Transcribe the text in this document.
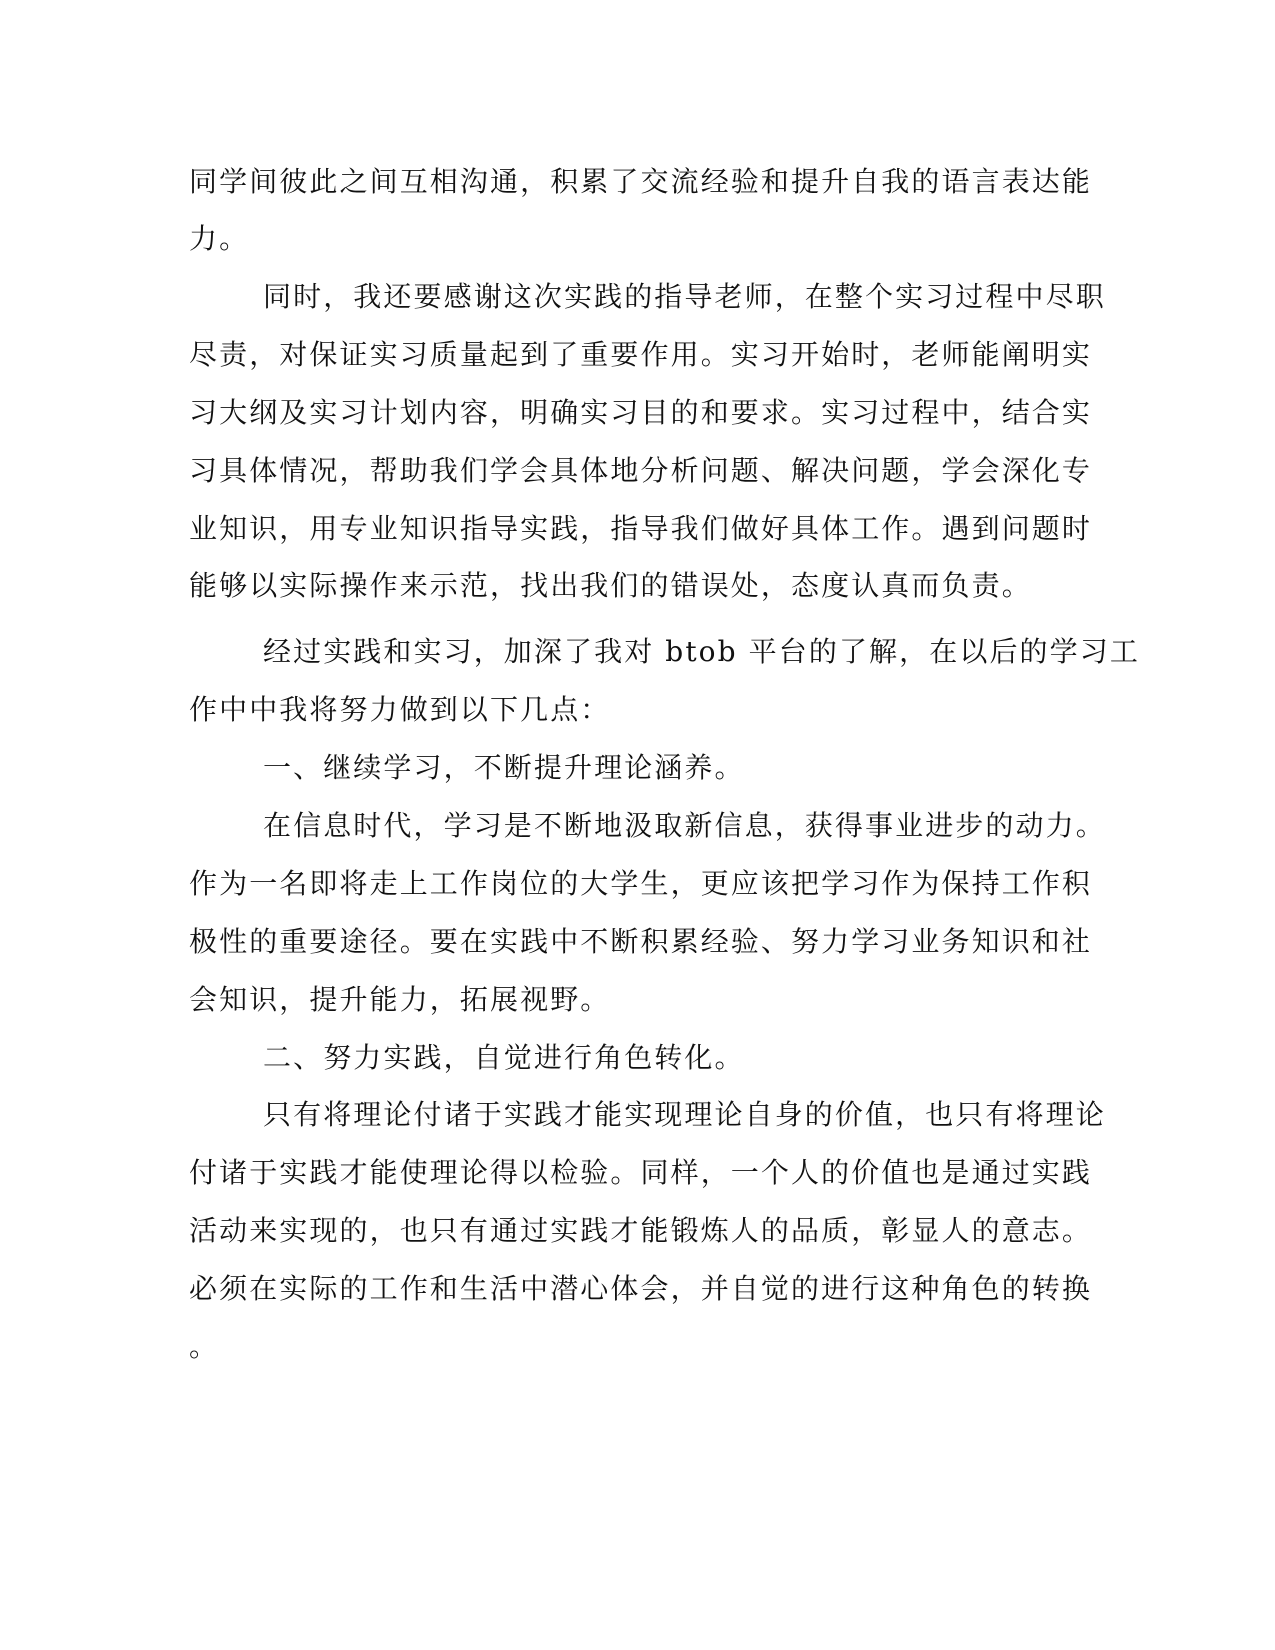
同学间彼此之间互相沟通，积累了交流经验和提升自我的语言表达能
力。
同时，我还要感谢这次实践的指导老师，在整个实习过程中尽职
尽责，对保证实习质量起到了重要作用。实习开始时，老师能阐明实
习大纲及实习计划内容，明确实习目的和要求。实习过程中，结合实
习具体情况，帮助我们学会具体地分析问题、解决问题，学会深化专
业知识，用专业知识指导实践，指导我们做好具体工作。遇到问题时
能够以实际操作来示范，找出我们的错误处，态度认真而负责。
经过实践和实习，加深了我对 btob 平台的了解，在以后的学习工
作中中我将努力做到以下几点：
一、继续学习，不断提升理论涵养。
在信息时代，学习是不断地汲取新信息，获得事业进步的动力。
作为一名即将走上工作岗位的大学生，更应该把学习作为保持工作积
极性的重要途径。要在实践中不断积累经验、努力学习业务知识和社
会知识，提升能力，拓展视野。
二、努力实践，自觉进行角色转化。
只有将理论付诸于实践才能实现理论自身的价值，也只有将理论
付诸于实践才能使理论得以检验。同样，一个人的价值也是通过实践
活动来实现的，也只有通过实践才能锻炼人的品质，彰显人的意志。
必须在实际的工作和生活中潜心体会，并自觉的进行这种角色的转换
。
